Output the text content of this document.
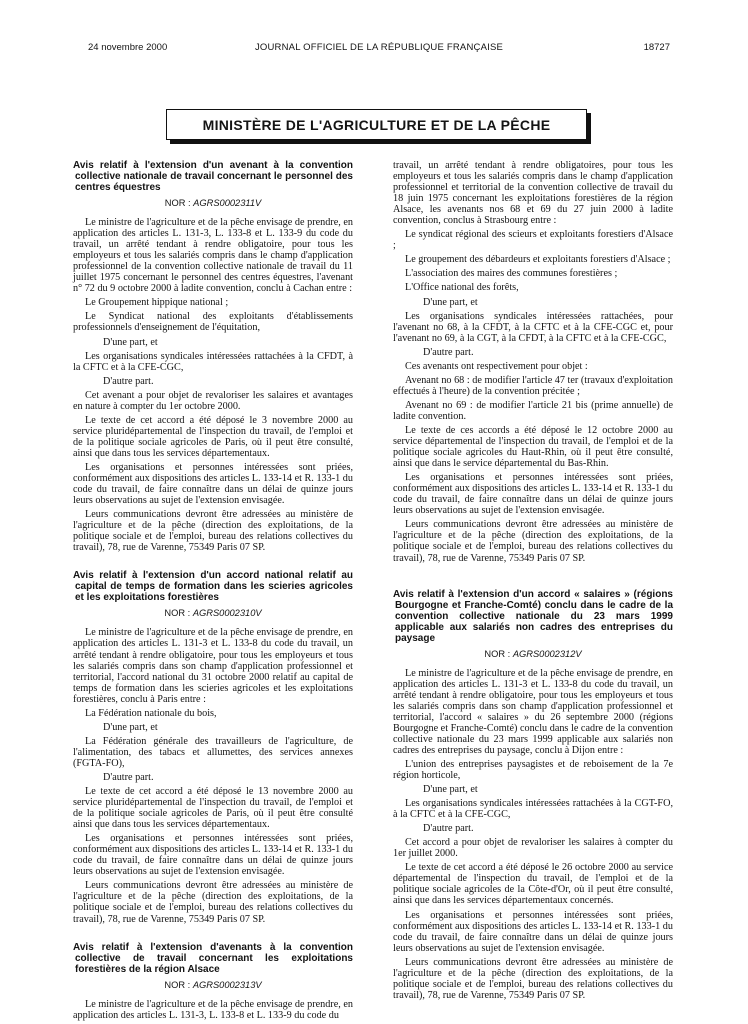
24 novembre 2000	JOURNAL OFFICIEL DE LA RÉPUBLIQUE FRANÇAISE	18727
MINISTÈRE DE L'AGRICULTURE ET DE LA PÊCHE
Avis relatif à l'extension d'un avenant à la convention collective nationale de travail concernant le personnel des centres équestres
NOR : AGRS0002311V

Le ministre de l'agriculture et de la pêche envisage de prendre, en application des articles L. 131-3, L. 133-8 et L. 133-9 du code du travail, un arrêté tendant à rendre obligatoire, pour tous les employeurs et tous les salariés compris dans le champ d'application professionnel de la convention collective nationale de travail du 11 juillet 1975 concernant le personnel des centres équestres, l'avenant n° 72 du 9 octobre 2000 à ladite convention, conclu à Cachan entre :

Le Groupement hippique national ;

Le Syndicat national des exploitants d'établissements professionnels d'enseignement de l'équitation,

D'une part, et

Les organisations syndicales intéressées rattachées à la CFDT, à la CFTC et à la CFE-CGC,

D'autre part.

Cet avenant a pour objet de revaloriser les salaires et avantages en nature à compter du 1er octobre 2000.

Le texte de cet accord a été déposé le 3 novembre 2000 au service pluridépartemental de l'inspection du travail, de l'emploi et de la politique sociale agricoles de Paris, où il peut être consulté, ainsi que dans tous les services départementaux.

Les organisations et personnes intéressées sont priées, conformément aux dispositions des articles L. 133-14 et R. 133-1 du code du travail, de faire connaître dans un délai de quinze jours leurs observations au sujet de l'extension envisagée.

Leurs communications devront être adressées au ministère de l'agriculture et de la pêche (direction des exploitations, de la politique sociale et de l'emploi, bureau des relations collectives du travail), 78, rue de Varenne, 75349 Paris 07 SP.

Avis relatif à l'extension d'un accord national relatif au capital de temps de formation dans les scieries agricoles et les exploitations forestières
NOR : AGRS0002310V

Le ministre de l'agriculture et de la pêche envisage de prendre, en application des articles L. 131-3 et L. 133-8 du code du travail, un arrêté tendant à rendre obligatoire, pour tous les employeurs et tous les salariés compris dans son champ d'application professionnel et territorial, l'accord national du 31 octobre 2000 relatif au capital de temps de formation dans les scieries agricoles et les exploitations forestières, conclu à Paris entre :

La Fédération nationale du bois,

D'une part, et

La Fédération générale des travailleurs de l'agriculture, de l'alimentation, des tabacs et allumettes, des services annexes (FGTA-FO),

D'autre part.

Le texte de cet accord a été déposé le 13 novembre 2000 au service pluridépartemental de l'inspection du travail, de l'emploi et de la politique sociale agricoles de Paris, où il peut être consulté ainsi que dans tous les services départementaux.

Les organisations et personnes intéressées sont priées, conformément aux dispositions des articles L. 133-14 et R. 133-1 du code du travail, de faire connaître dans un délai de quinze jours leurs observations au sujet de l'extension envisagée.

Leurs communications devront être adressées au ministère de l'agriculture et de la pêche (direction des exploitations, de la politique sociale et de l'emploi, bureau des relations collectives du travail), 78, rue de Varenne, 75349 Paris 07 SP.

Avis relatif à l'extension d'avenants à la convention collective de travail concernant les exploitations forestières de la région Alsace
NOR : AGRS0002313V

Le ministre de l'agriculture et de la pêche envisage de prendre, en application des articles L. 131-3, L. 133-8 et L. 133-9 du code du

travail, un arrêté tendant à rendre obligatoires, pour tous les employeurs et tous les salariés compris dans le champ d'application professionnel et territorial de la convention collective de travail du 18 juin 1975 concernant les exploitations forestières de la région Alsace, les avenants nos 68 et 69 du 27 juin 2000 à ladite convention, conclus à Strasbourg entre :

Le syndicat régional des scieurs et exploitants forestiers d'Alsace ;

Le groupement des débardeurs et exploitants forestiers d'Alsace ;

L'association des maires des communes forestières ;

L'Office national des forêts,

D'une part, et

Les organisations syndicales intéressées rattachées, pour l'avenant no 68, à la CFDT, à la CFTC et à la CFE-CGC et, pour l'avenant no 69, à la CGT, à la CFDT, à la CFTC et à la CFE-CGC,

D'autre part.

Ces avenants ont respectivement pour objet :

Avenant no 68 : de modifier l'article 47 ter (travaux d'exploitation effectués à l'heure) de la convention précitée ;

Avenant no 69 : de modifier l'article 21 bis (prime annuelle) de ladite convention.

Le texte de ces accords a été déposé le 12 octobre 2000 au service départemental de l'inspection du travail, de l'emploi et de la politique sociale agricoles du Haut-Rhin, où il peut être consulté, ainsi que dans le service départemental du Bas-Rhin.

Les organisations et personnes intéressées sont priées, conformément aux dispositions des articles L. 133-14 et R. 133-1 du code du travail, de faire connaître dans un délai de quinze jours leurs observations au sujet de l'extension envisagée.

Leurs communications devront être adressées au ministère de l'agriculture et de la pêche (direction des exploitations, de la politique sociale et de l'emploi, bureau des relations collectives du travail), 78, rue de Varenne, 75349 Paris 07 SP.

Avis relatif à l'extension d'un accord « salaires » (régions Bourgogne et Franche-Comté) conclu dans le cadre de la convention collective nationale du 23 mars 1999 applicable aux salariés non cadres des entreprises du paysage
NOR : AGRS0002312V

Le ministre de l'agriculture et de la pêche envisage de prendre, en application des articles L. 131-3 et L. 133-8 du code du travail, un arrêté tendant à rendre obligatoire, pour tous les employeurs et tous les salariés compris dans son champ d'application professionnel et territorial, l'accord « salaires » du 26 septembre 2000 (régions Bourgogne et Franche-Comté) conclu dans le cadre de la convention collective nationale du 23 mars 1999 applicable aux salariés non cadres des entreprises du paysage, conclu à Dijon entre :

L'union des entreprises paysagistes et de reboisement de la 7e région horticole,

D'une part, et

Les organisations syndicales intéressées rattachées à la CGT-FO, à la CFTC et à la CFE-CGC,

D'autre part.

Cet accord a pour objet de revaloriser les salaires à compter du 1er juillet 2000.

Le texte de cet accord a été déposé le 26 octobre 2000 au service départemental de l'inspection du travail, de l'emploi et de la politique sociale agricoles de la Côte-d'Or, où il peut être consulté, ainsi que dans les services départementaux concernés.

Les organisations et personnes intéressées sont priées, conformément aux dispositions des articles L. 133-14 et R. 133-1 du code du travail, de faire connaître dans un délai de quinze jours leurs observations au sujet de l'extension envisagée.

Leurs communications devront être adressées au ministère de l'agriculture et de la pêche (direction des exploitations, de la politique sociale et de l'emploi, bureau des relations collectives du travail), 78, rue de Varenne, 75349 Paris 07 SP.
